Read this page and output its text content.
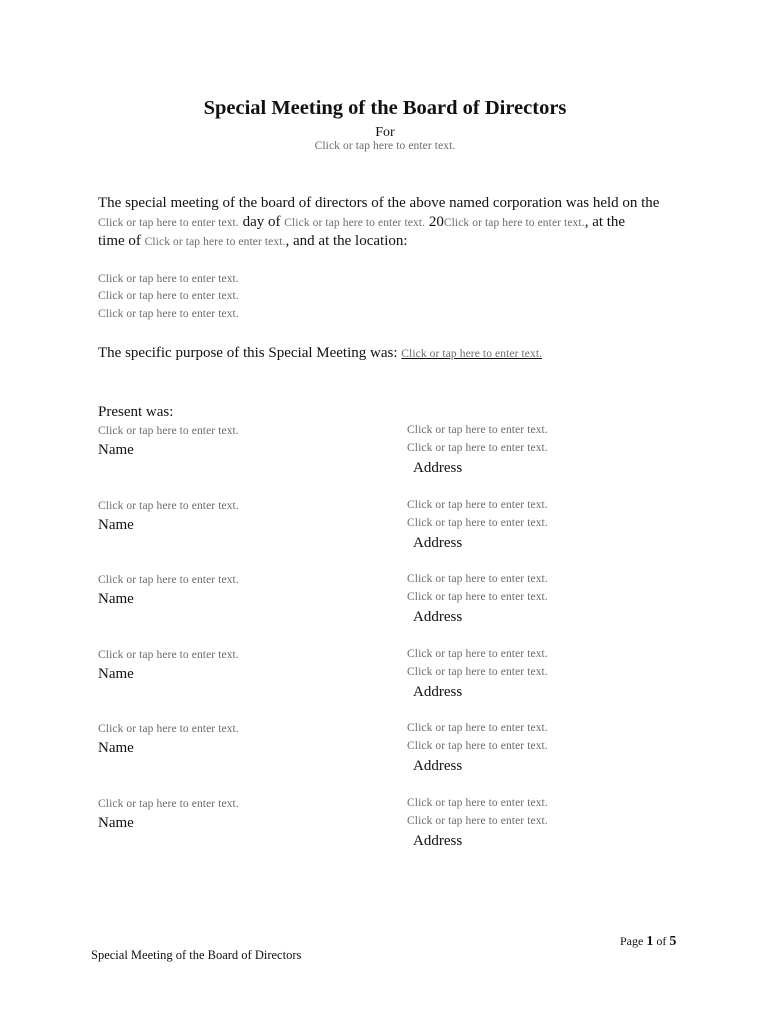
Special Meeting of the Board of Directors
For
Click or tap here to enter text.
The special meeting of the board of directors of the above named corporation was held on the
Click or tap here to enter text. day of Click or tap here to enter text. 20Click or tap here to enter text., at the
time of Click or tap here to enter text., and at the location:
Click or tap here to enter text.
Click or tap here to enter text.
Click or tap here to enter text.
The specific purpose of this Special Meeting was: Click or tap here to enter text.
Present was:
Click or tap here to enter text.
Name
Click or tap here to enter text.
Click or tap here to enter text.
Address
Click or tap here to enter text.
Name
Click or tap here to enter text.
Click or tap here to enter text.
Address
Click or tap here to enter text.
Name
Click or tap here to enter text.
Click or tap here to enter text.
Address
Click or tap here to enter text.
Name
Click or tap here to enter text.
Click or tap here to enter text.
Address
Click or tap here to enter text.
Name
Click or tap here to enter text.
Click or tap here to enter text.
Address
Click or tap here to enter text.
Name
Click or tap here to enter text.
Click or tap here to enter text.
Address
Special Meeting of the Board of Directors
Page 1 of 5
